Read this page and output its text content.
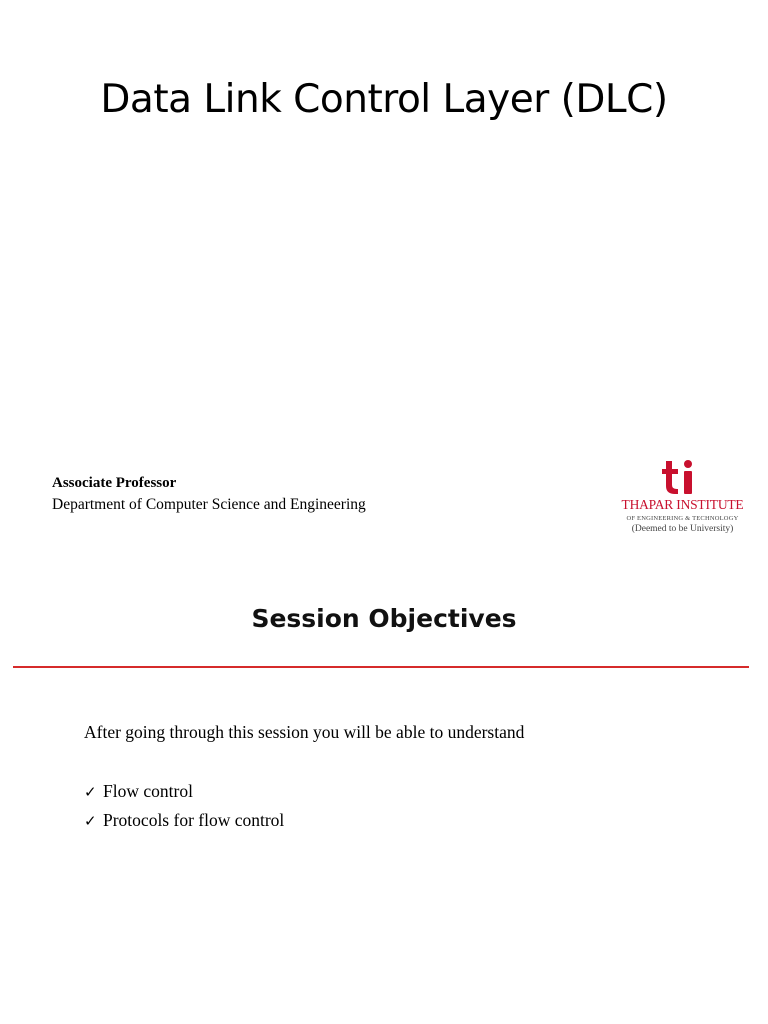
Data Link Control Layer (DLC)
Associate Professor
Department of Computer Science and Engineering	THAPAR INSTITUTE
OF ENGINEERING & TECHNOLOGY
(Deemed to be University)
Session Objectives
After going through this session you will be able to understand
✓ Flow control
✓ Protocols for flow control
